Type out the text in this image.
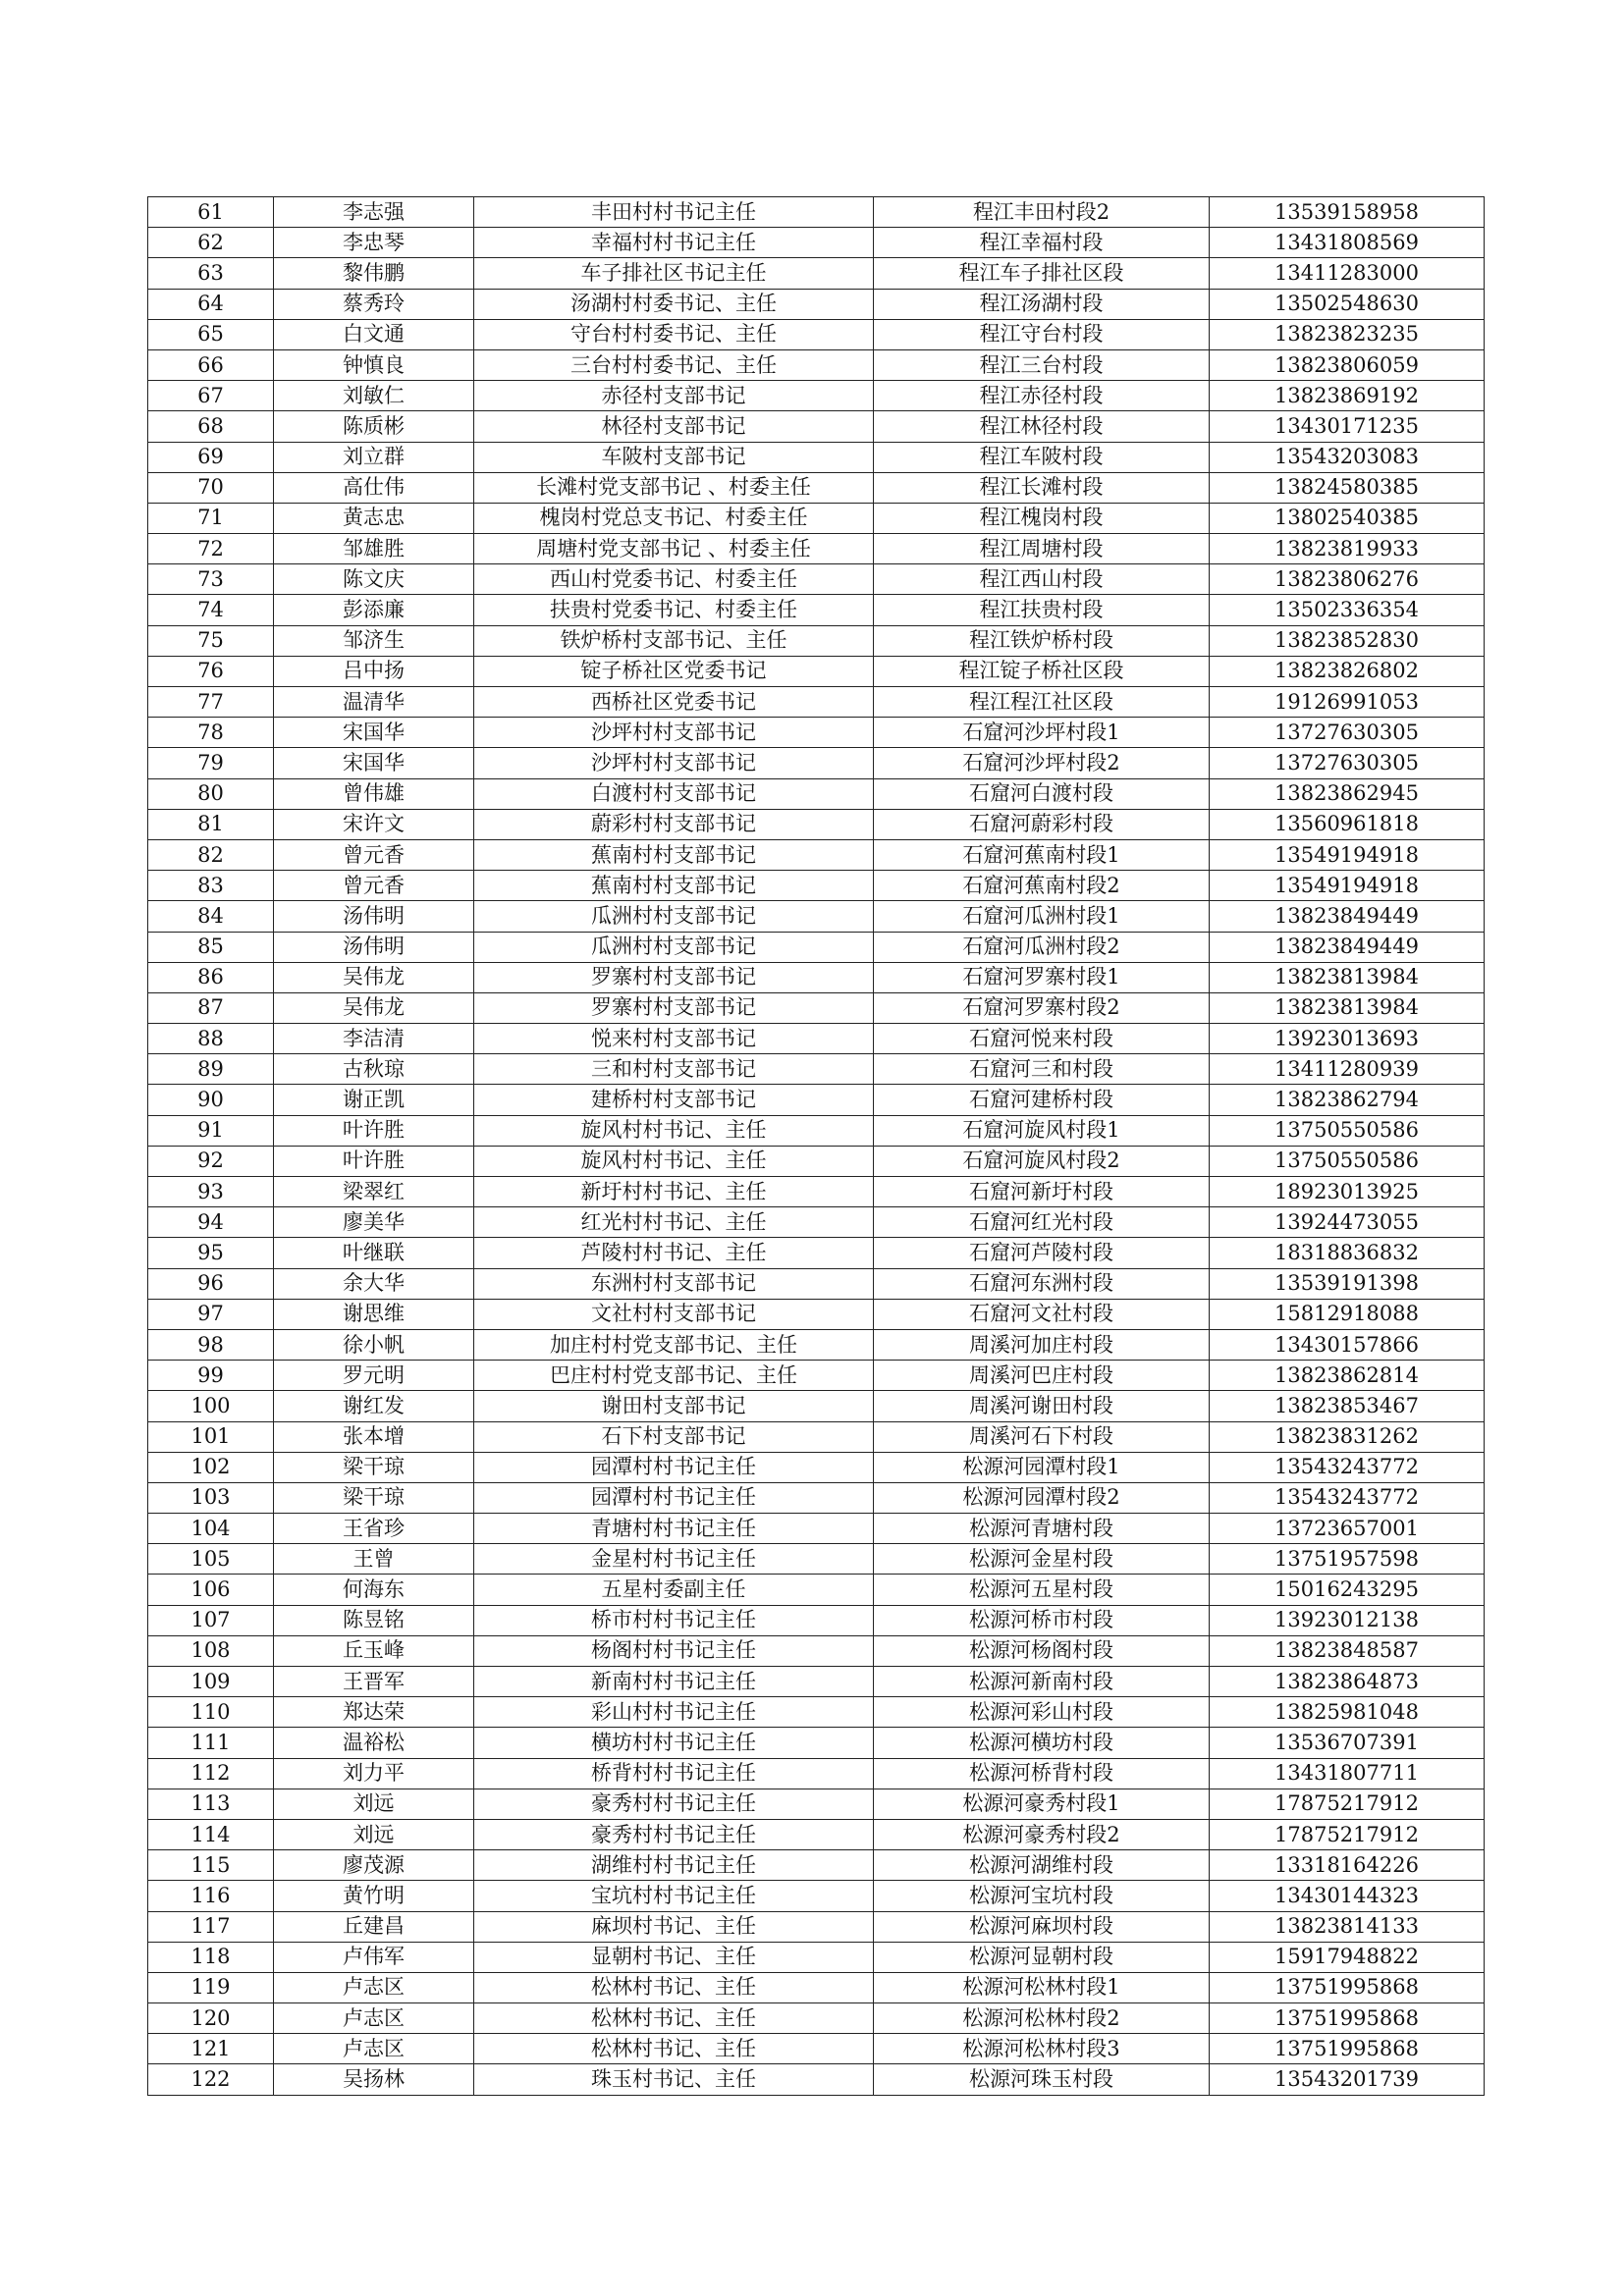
61	李志强	丰田村村书记主任	程江丰田村段2	13539158958
62	李忠琴	幸福村村书记主任	程江幸福村段	13431808569
63	黎伟鹏	车子排社区书记主任	程江车子排社区段	13411283000
64	蔡秀玲	汤湖村村委书记、主任	程江汤湖村段	13502548630
65	白文通	守台村村委书记、主任	程江守台村段	13823823235
66	钟慎良	三台村村委书记、主任	程江三台村段	13823806059
67	刘敏仁	赤径村支部书记	程江赤径村段	13823869192
68	陈质彬	林径村支部书记	程江林径村段	13430171235
69	刘立群	车陂村支部书记	程江车陂村段	13543203083
70	高仕伟	长滩村党支部书记 、村委主任	程江长滩村段	13824580385
71	黄志忠	槐岗村党总支书记、村委主任	程江槐岗村段	13802540385
72	邹雄胜	周塘村党支部书记 、村委主任	程江周塘村段	13823819933
73	陈文庆	西山村党委书记、村委主任	程江西山村段	13823806276
74	彭添廉	扶贵村党委书记、村委主任	程江扶贵村段	13502336354
75	邹济生	铁炉桥村支部书记、主任	程江铁炉桥村段	13823852830
76	吕中扬	锭子桥社区党委书记	程江锭子桥社区段	13823826802
77	温清华	西桥社区党委书记	程江程江社区段	19126991053
78	宋国华	沙坪村村支部书记	石窟河沙坪村段1	13727630305
79	宋国华	沙坪村村支部书记	石窟河沙坪村段2	13727630305
80	曾伟雄	白渡村村支部书记	石窟河白渡村段	13823862945
81	宋许文	蔚彩村村支部书记	石窟河蔚彩村段	13560961818
82	曾元香	蕉南村村支部书记	石窟河蕉南村段1	13549194918
83	曾元香	蕉南村村支部书记	石窟河蕉南村段2	13549194918
84	汤伟明	瓜洲村村支部书记	石窟河瓜洲村段1	13823849449
85	汤伟明	瓜洲村村支部书记	石窟河瓜洲村段2	13823849449
86	吴伟龙	罗寨村村支部书记	石窟河罗寨村段1	13823813984
87	吴伟龙	罗寨村村支部书记	石窟河罗寨村段2	13823813984
88	李洁清	悦来村村支部书记	石窟河悦来村段	13923013693
89	古秋琼	三和村村支部书记	石窟河三和村段	13411280939
90	谢正凯	建桥村村支部书记	石窟河建桥村段	13823862794
91	叶许胜	旋风村村书记、主任	石窟河旋风村段1	13750550586
92	叶许胜	旋风村村书记、主任	石窟河旋风村段2	13750550586
93	梁翠红	新圩村村书记、主任	石窟河新圩村段	18923013925
94	廖美华	红光村村书记、主任	石窟河红光村段	13924473055
95	叶继联	芦陵村村书记、主任	石窟河芦陵村段	18318836832
96	余大华	东洲村村支部书记	石窟河东洲村段	13539191398
97	谢思维	文社村村支部书记	石窟河文社村段	15812918088
98	徐小帆	加庄村村党支部书记、主任	周溪河加庄村段	13430157866
99	罗元明	巴庄村村党支部书记、主任	周溪河巴庄村段	13823862814
100	谢红发	谢田村支部书记	周溪河谢田村段	13823853467
101	张本增	石下村支部书记	周溪河石下村段	13823831262
102	梁干琼	园潭村村书记主任	松源河园潭村段1	13543243772
103	梁干琼	园潭村村书记主任	松源河园潭村段2	13543243772
104	王省珍	青塘村村书记主任	松源河青塘村段	13723657001
105	王曾	金星村村书记主任	松源河金星村段	13751957598
106	何海东	五星村委副主任	松源河五星村段	15016243295
107	陈昱铭	桥市村村书记主任	松源河桥市村段	13923012138
108	丘玉峰	杨阁村村书记主任	松源河杨阁村段	13823848587
109	王晋军	新南村村书记主任	松源河新南村段	13823864873
110	郑达荣	彩山村村书记主任	松源河彩山村段	13825981048
111	温裕松	横坊村村书记主任	松源河横坊村段	13536707391
112	刘力平	桥背村村书记主任	松源河桥背村段	13431807711
113	刘远	豪秀村村书记主任	松源河豪秀村段1	17875217912
114	刘远	豪秀村村书记主任	松源河豪秀村段2	17875217912
115	廖茂源	湖维村村书记主任	松源河湖维村段	13318164226
116	黄竹明	宝坑村村书记主任	松源河宝坑村段	13430144323
117	丘建昌	麻坝村书记、主任	松源河麻坝村段	13823814133
118	卢伟军	显朝村书记、主任	松源河显朝村段	15917948822
119	卢志区	松林村书记、主任	松源河松林村段1	13751995868
120	卢志区	松林村书记、主任	松源河松林村段2	13751995868
121	卢志区	松林村书记、主任	松源河松林村段3	13751995868
122	吴扬林	珠玉村书记、主任	松源河珠玉村段	13543201739
